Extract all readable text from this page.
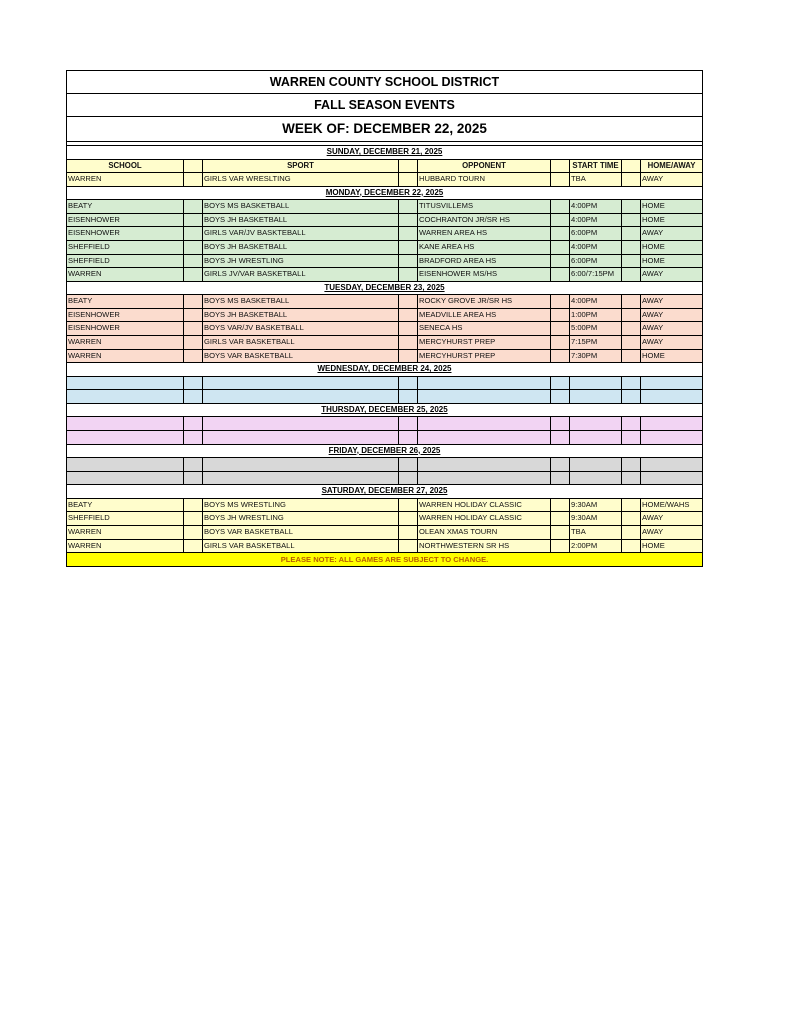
WARREN COUNTY SCHOOL DISTRICT
FALL SEASON EVENTS
WEEK OF: DECEMBER 22, 2025
SUNDAY, DECEMBER 21, 2025
SCHOOL	SPORT	OPPONENT	START TIME	HOME/AWAY
WARREN	GIRLS VAR WRESLTING	HUBBARD TOURN	TBA	AWAY
MONDAY, DECEMBER 22, 2025
BEATY	BOYS MS BASKETBALL	TITUSVILLEMS	4:00PM	HOME
EISENHOWER	BOYS JH BASKETBALL	COCHRANTON JR/SR HS	4:00PM	HOME
EISENHOWER	GIRLS VAR/JV BASKTEBALL	WARREN AREA HS	6:00PM	AWAY
SHEFFIELD	BOYS JH BASKETBALL	KANE AREA HS	4:00PM	HOME
SHEFFIELD	BOYS JH WRESTLING	BRADFORD AREA HS	6:00PM	HOME
WARREN	GIRLS JV/VAR BASKETBALL	EISENHOWER MS/HS	6:00/7:15PM	AWAY
TUESDAY, DECEMBER 23, 2025
BEATY	BOYS MS BASKETBALL	ROCKY GROVE JR/SR HS	4:00PM	AWAY
EISENHOWER	BOYS JH BASKETBALL	MEADVILLE AREA HS	1:00PM	AWAY
EISENHOWER	BOYS VAR/JV BASKETBALL	SENECA HS	5:00PM	AWAY
WARREN	GIRLS VAR BASKETBALL	MERCYHURST PREP	7:15PM	AWAY
WARREN	BOYS VAR BASKETBALL	MERCYHURST PREP	7:30PM	HOME
WEDNESDAY, DECEMBER 24, 2025
THURSDAY, DECEMBER 25, 2025
FRIDAY, DECEMBER 26, 2025
SATURDAY, DECEMBER 27, 2025
BEATY	BOYS MS WRESTLING	WARREN HOLIDAY CLASSIC	9:30AM	HOME/WAHS
SHEFFIELD	BOYS JH WRESTLING	WARREN HOLIDAY CLASSIC	9:30AM	AWAY
WARREN	BOYS VAR BASKETBALL	OLEAN XMAS TOURN	TBA	AWAY
WARREN	GIRLS VAR BASKETBALL	NORTHWESTERN SR HS	2:00PM	HOME
PLEASE NOTE: ALL GAMES ARE SUBJECT TO CHANGE.
